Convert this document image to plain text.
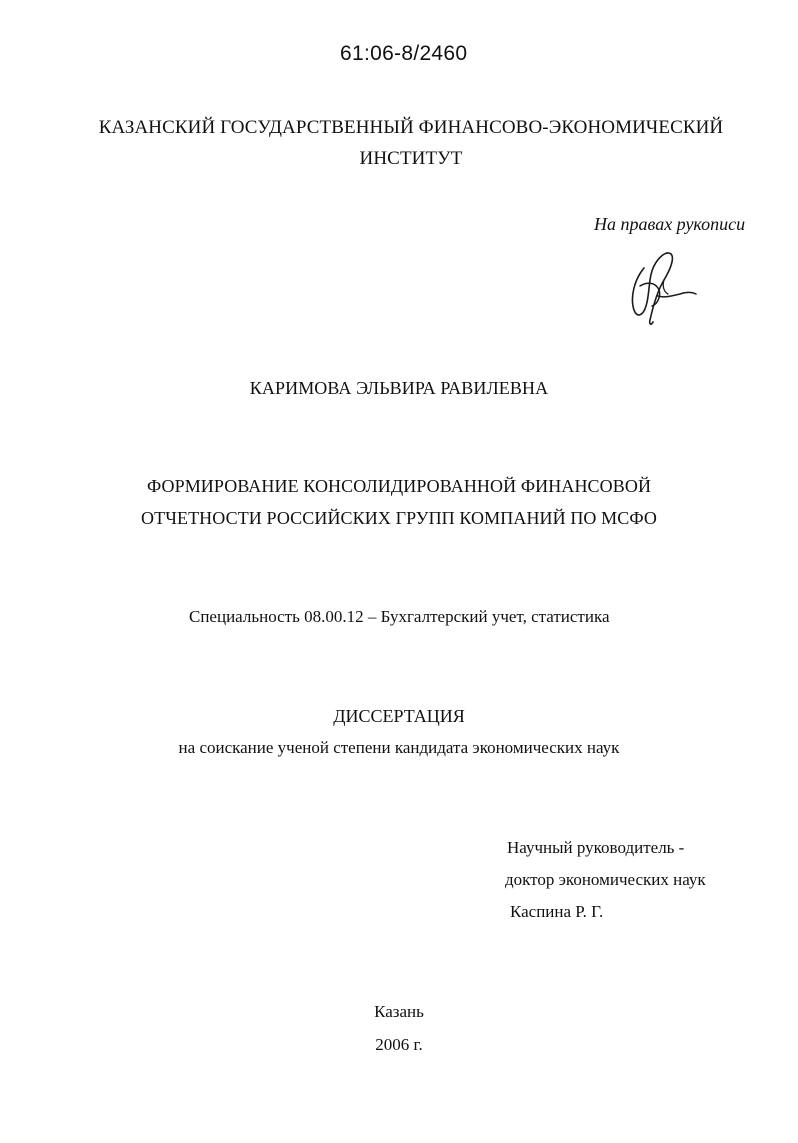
61:06-8/2460
КАЗАНСКИЙ ГОСУДАРСТВЕННЫЙ ФИНАНСОВО-ЭКОНОМИЧЕСКИЙ
ИНСТИТУТ
На правах рукописи
КАРИМОВА ЭЛЬВИРА РАВИЛЕВНА
ФОРМИРОВАНИЕ КОНСОЛИДИРОВАННОЙ ФИНАНСОВОЙ
ОТЧЕТНОСТИ РОССИЙСКИХ ГРУПП КОМПАНИЙ ПО МСФО
Специальность 08.00.12 – Бухгалтерский учет, статистика
ДИССЕРТАЦИЯ
на соискание ученой степени кандидата экономических наук
Научный руководитель -
доктор экономических наук
Каспина Р. Г.
Казань
2006 г.
